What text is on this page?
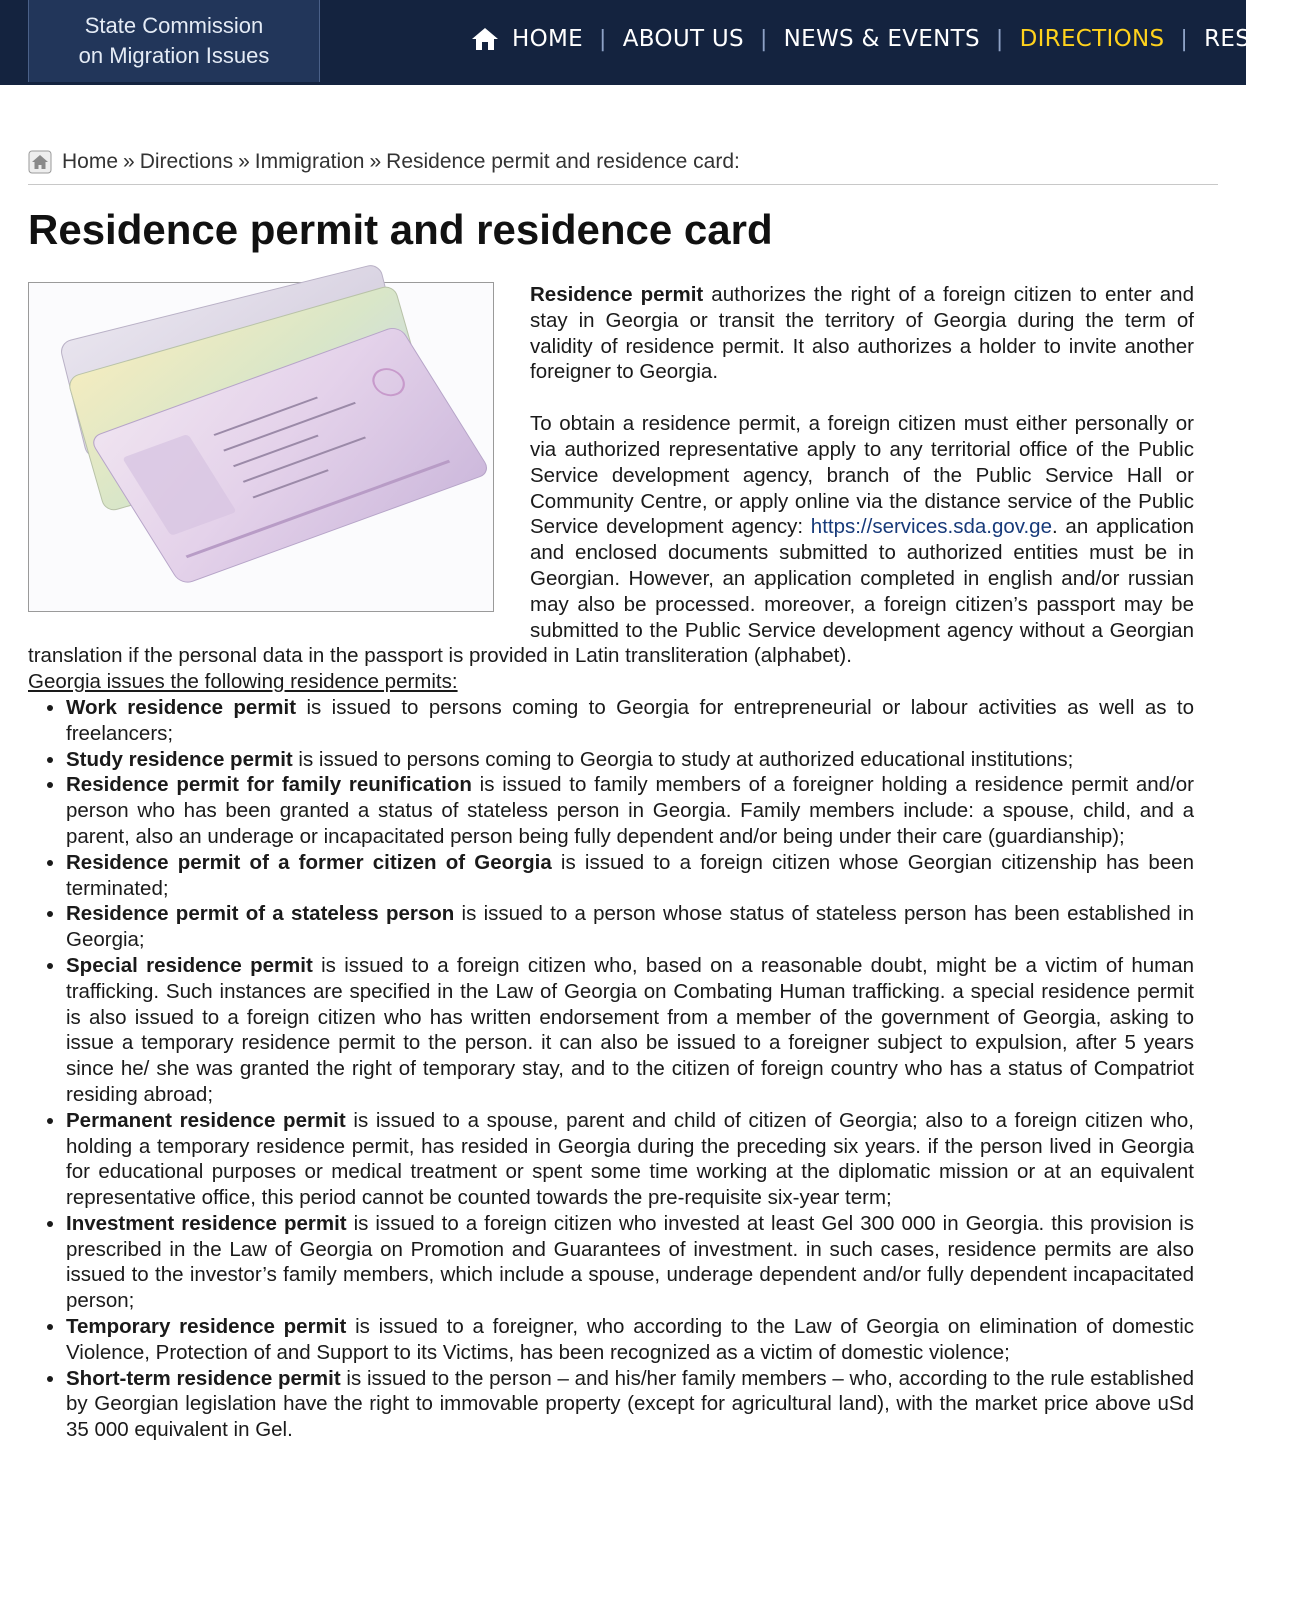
State Commission
on Migration Issues
HOME | ABOUT US | NEWS & EVENTS | DIRECTIONS | RESOUR
Home » Directions » Immigration » Residence permit and residence card:
Residence permit and residence card

Residence permit authorizes the right of a foreign citizen to enter and stay in Georgia or transit the territory of Georgia during the term of validity of residence permit. It also authorizes a holder to invite another foreigner to Georgia.

To obtain a residence permit, a foreign citizen must either personally or via authorized representative apply to any territorial office of the Public Service development agency, branch of the Public Service Hall or Community Centre, or apply online via the distance service of the Public Service development agency: https://services.sda.gov.ge. an application and enclosed documents submitted to authorized entities must be in Georgian. However, an application completed in english and/or russian may also be processed. moreover, a foreign citizen’s passport may be submitted to the Public Service development agency without a Georgian translation if the personal data in the passport is provided in Latin transliteration (alphabet).

Georgia issues the following residence permits:

• Work residence permit is issued to persons coming to Georgia for entrepreneurial or labour activities as well as to freelancers;
• Study residence permit is issued to persons coming to Georgia to study at authorized educational institutions;
• Residence permit for family reunification is issued to family members of a foreigner holding a residence permit and/or person who has been granted a status of stateless person in Georgia. Family members include: a spouse, child, and a parent, also an underage or incapacitated person being fully dependent and/or being under their care (guardianship);
• Residence permit of a former citizen of Georgia is issued to a foreign citizen whose Georgian citizenship has been terminated;
• Residence permit of a stateless person is issued to a person whose status of stateless person has been established in Georgia;
• Special residence permit is issued to a foreign citizen who, based on a reasonable doubt, might be a victim of human trafficking. Such instances are specified in the Law of Georgia on Combating Human trafficking. a special residence permit is also issued to a foreign citizen who has written endorsement from a member of the government of Georgia, asking to issue a temporary residence permit to the person. it can also be issued to a foreigner subject to expulsion, after 5 years since he/ she was granted the right of temporary stay, and to the citizen of foreign country who has a status of Compatriot residing abroad;
• Permanent residence permit is issued to a spouse, parent and child of citizen of Georgia; also to a foreign citizen who, holding a temporary residence permit, has resided in Georgia during the preceding six years. if the person lived in Georgia for educational purposes or medical treatment or spent some time working at the diplomatic mission or at an equivalent representative office, this period cannot be counted towards the pre-requisite six-year term;
• Investment residence permit is issued to a foreign citizen who invested at least Gel 300 000 in Georgia. this provision is prescribed in the Law of Georgia on Promotion and Guarantees of investment. in such cases, residence permits are also issued to the investor’s family members, which include a spouse, underage dependent and/or fully dependent incapacitated person;
• Temporary residence permit is issued to a foreigner, who according to the Law of Georgia on elimination of domestic Violence, Protection of and Support to its Victims, has been recognized as a victim of domestic violence;
• Short-term residence permit is issued to the person – and his/her family members – who, according to the rule established by Georgian legislation have the right to immovable property (except for agricultural land), with the market price above uSd 35 000 equivalent in Gel.
